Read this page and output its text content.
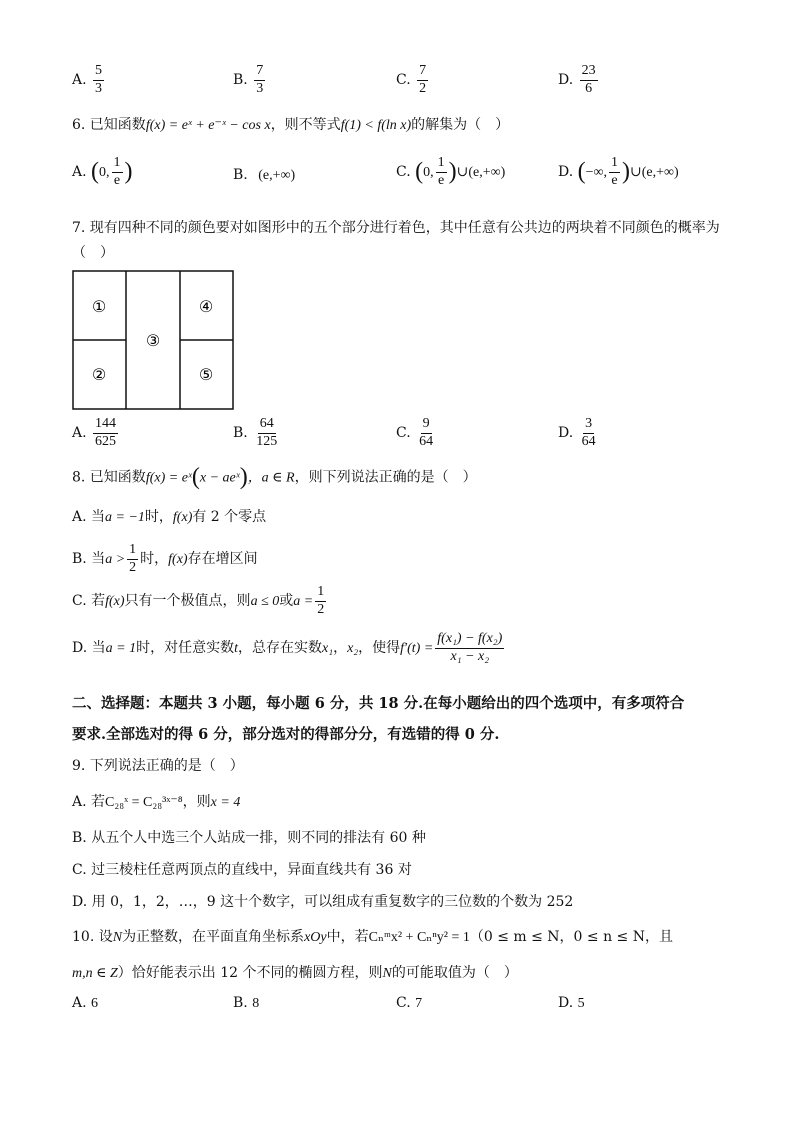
A. $\frac{5}{3}$	B. $\frac{7}{3}$	C. $\frac{7}{2}$	D. $\frac{23}{6}$
6. 已知函数f(x) = eˣ + e⁻ˣ − cos x，则不等式f(1) < f(ln x)的解集为（　）
A. (0, $\frac{1}{e}$ )	B. (e,+∞)	C. (0, $\frac{1}{e}$ )∪(e,+∞)	D. (−∞, $\frac{1}{e}$ )∪(e,+∞)
7. 现有四种不同的颜色要对如图形中的五个部分进行着色，其中任意有公共边的两块着不同颜色的概率为
（　）
①
②
③
④
⑤
A. $\frac{144}{625}$	B. $\frac{64}{125}$	C. $\frac{9}{64}$	D. $\frac{3}{64}$
8. 已知函数f(x) = eˣ(x − aeˣ)，a ∈ R，则下列说法正确的是（　）
A. 当a = −1时，f(x)有 2 个零点
B. 当$a > \frac{1}{2}$ 时，f(x)存在增区间
C. 若f(x)只有一个极值点，则a ≤ 0或$a = \frac{1}{2}$
D. 当a = 1时，对任意实数t，总存在实数x₁，x₂，使得$f'(t) = \frac{\text{f(x₁) − f(x₂)}}{\text{x₁ − x₂}}$
二、选择题：本题共 3 小题，每小题 6 分，共 18 分.在每小题给出的四个选项中，有多项符合
要求.全部选对的得 6 分，部分选对的得部分分，有选错的得 0 分.
9. 下列说法正确的是（　）
A. 若C₂₈ˣ = C₂₈³ˣ⁻⁸，则x = 4
B. 从五个人中选三个人站成一排，则不同的排法有 60 种
C. 过三棱柱任意两顶点的直线中，异面直线共有 36 对
D. 用 0，1，2，…，9 这十个数字，可以组成有重复数字的三位数的个数为 252
10. 设N为正整数，在平面直角坐标系xOy中，若Cₙᵐx² + Cₙⁿy² = 1（0 ≤ m ≤ N，0 ≤ n ≤ N，且
m,n ∈ Z）恰好能表示出 12 个不同的椭圆方程，则N的可能取值为（　）
A. 6	B. 8	C. 7	D. 5
